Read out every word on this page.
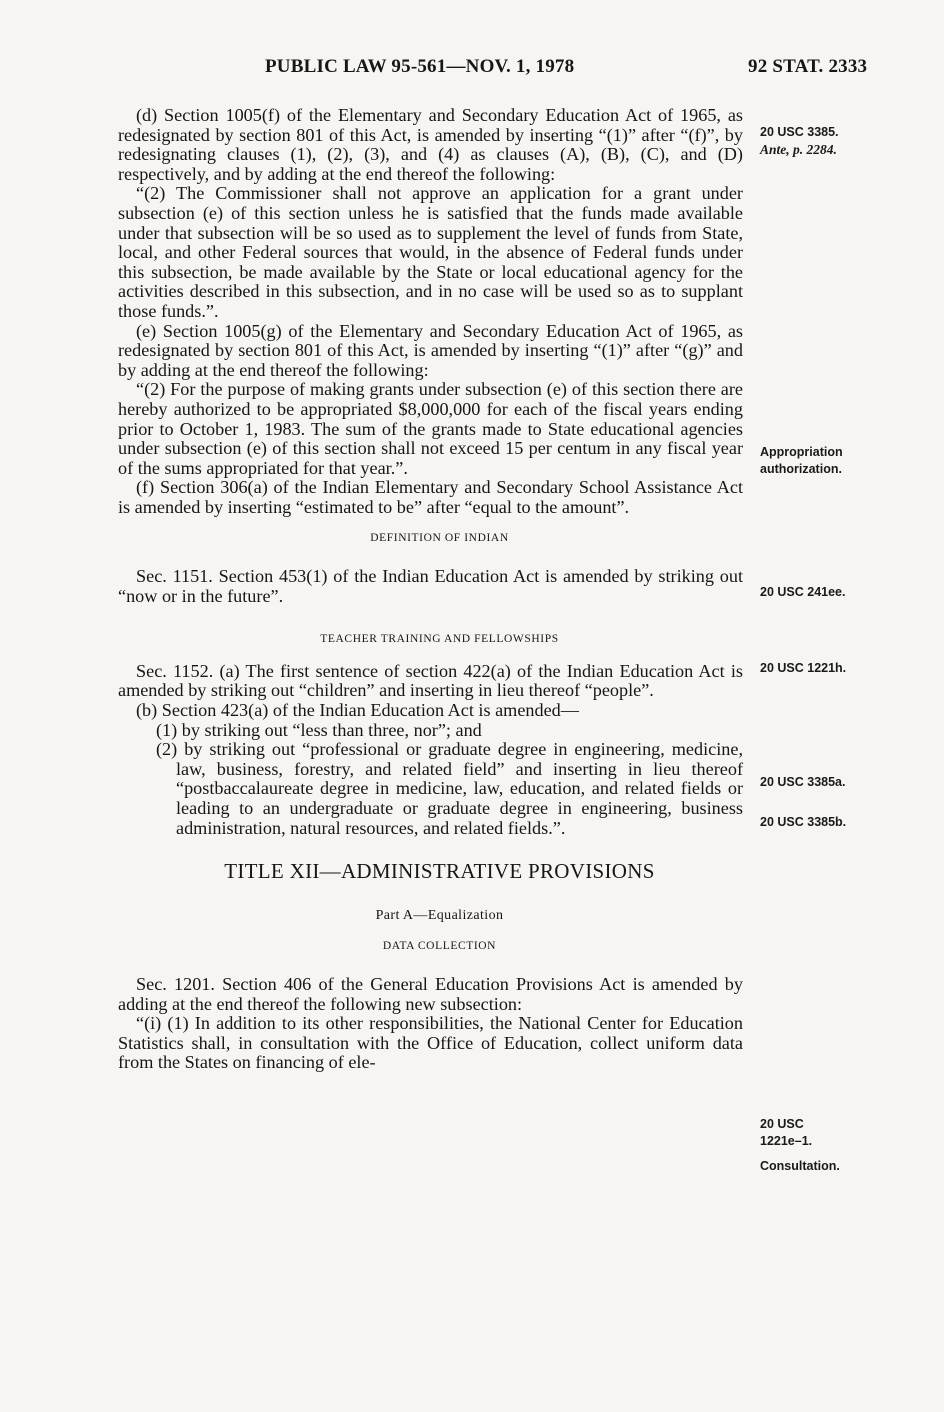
PUBLIC LAW 95-561—NOV. 1, 1978	92 STAT. 2333

(d) Section 1005(f) of the Elementary and Secondary Education Act of 1965, as redesignated by section 801 of this Act, is amended by inserting “(1)” after “(f)”, by redesignating clauses (1), (2), (3), and (4) as clauses (A), (B), (C), and (D) respectively, and by adding at the end thereof the following:

“(2) The Commissioner shall not approve an application for a grant under subsection (e) of this section unless he is satisfied that the funds made available under that subsection will be so used as to supplement the level of funds from State, local, and other Federal sources that would, in the absence of Federal funds under this subsection, be made available by the State or local educational agency for the activities described in this subsection, and in no case will be used so as to supplant those funds.”.

(e) Section 1005(g) of the Elementary and Secondary Education Act of 1965, as redesignated by section 801 of this Act, is amended by inserting “(1)” after “(g)” and by adding at the end thereof the following:

“(2) For the purpose of making grants under subsection (e) of this section there are hereby authorized to be appropriated $8,000,000 for each of the fiscal years ending prior to October 1, 1983. The sum of the grants made to State educational agencies under subsection (e) of this section shall not exceed 15 per centum in any fiscal year of the sums appropriated for that year.”.

(f) Section 306(a) of the Indian Elementary and Secondary School Assistance Act is amended by inserting “estimated to be” after “equal to the amount”.

DEFINITION OF INDIAN

Sec. 1151. Section 453(1) of the Indian Education Act is amended by striking out “now or in the future”.

TEACHER TRAINING AND FELLOWSHIPS

Sec. 1152. (a) The first sentence of section 422(a) of the Indian Education Act is amended by striking out “children” and inserting in lieu thereof “people”.

(b) Section 423(a) of the Indian Education Act is amended—

(1) by striking out “less than three, nor”; and

(2) by striking out “professional or graduate degree in engineering, medicine, law, business, forestry, and related field” and inserting in lieu thereof “postbaccalaureate degree in medicine, law, education, and related fields or leading to an undergraduate or graduate degree in engineering, business administration, natural resources, and related fields.”.

TITLE XII—ADMINISTRATIVE PROVISIONS

Part A—Equalization

DATA COLLECTION

Sec. 1201. Section 406 of the General Education Provisions Act is amended by adding at the end thereof the following new subsection:

“(i) (1) In addition to its other responsibilities, the National Center for Education Statistics shall, in consultation with the Office of Education, collect uniform data from the States on financing of ele-

20 USC 3385.
Ante, p. 2284.
Appropriation
authorization.
20 USC 241ee.
20 USC 1221h.
20 USC 3385a.
20 USC 3385b.
20 USC
1221e–1.
Consultation.
